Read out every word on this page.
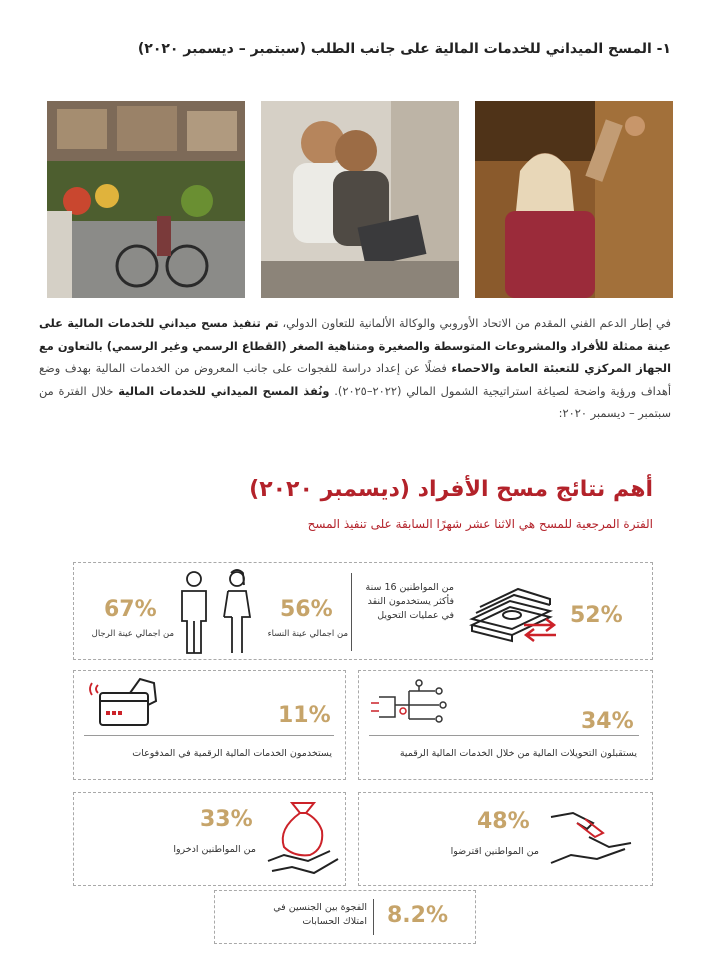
١- المسح الميداني للخدمات المالية على جانب الطلب (سبتمبر – ديسمبر ٢٠٢٠)
في إطار الدعم الفني المقدم من الاتحاد الأوروبي والوكالة الألمانية للتعاون الدولي، تم تنفيذ مسح ميداني للخدمات المالية على عينة ممثلة للأفراد والمشروعات المتوسطة والصغيرة ومتناهية الصغر (القطاع الرسمي وغير الرسمي) بالتعاون مع الجهاز المركزي للتعبئة العامة والاحصاء فضلًا عن إعداد دراسة للفجوات على جانب المعروض من الخدمات المالية بهدف وضع أهداف ورؤية واضحة لصياغة استراتيجية الشمول المالي (٢٠٢٢–٢٠٢٥). ونُفذ المسح الميداني للخدمات المالية خلال الفترة من سبتمبر – ديسمبر ٢٠٢٠:
أهم نتائج مسح الأفراد (ديسمبر ٢٠٢٠)
الفترة المرجعية للمسح هي الاثنا عشر شهرًا السابقة على تنفيذ المسح
52%
من المواطنين 16 سنة فأكثر يستخدمون النقد في عمليات التحويل
56%
من اجمالي عينة النساء
67%
من اجمالي عينة الرجال
34%
يستقبلون التحويلات المالية من خلال الخدمات المالية الرقمية
11%
يستخدمون الخدمات المالية الرقمية في المدفوعات
48%
من المواطنين اقترضوا
33%
من المواطنين ادخروا
8.2%
الفجوة بين الجنسين في امتلاك الحسابات
